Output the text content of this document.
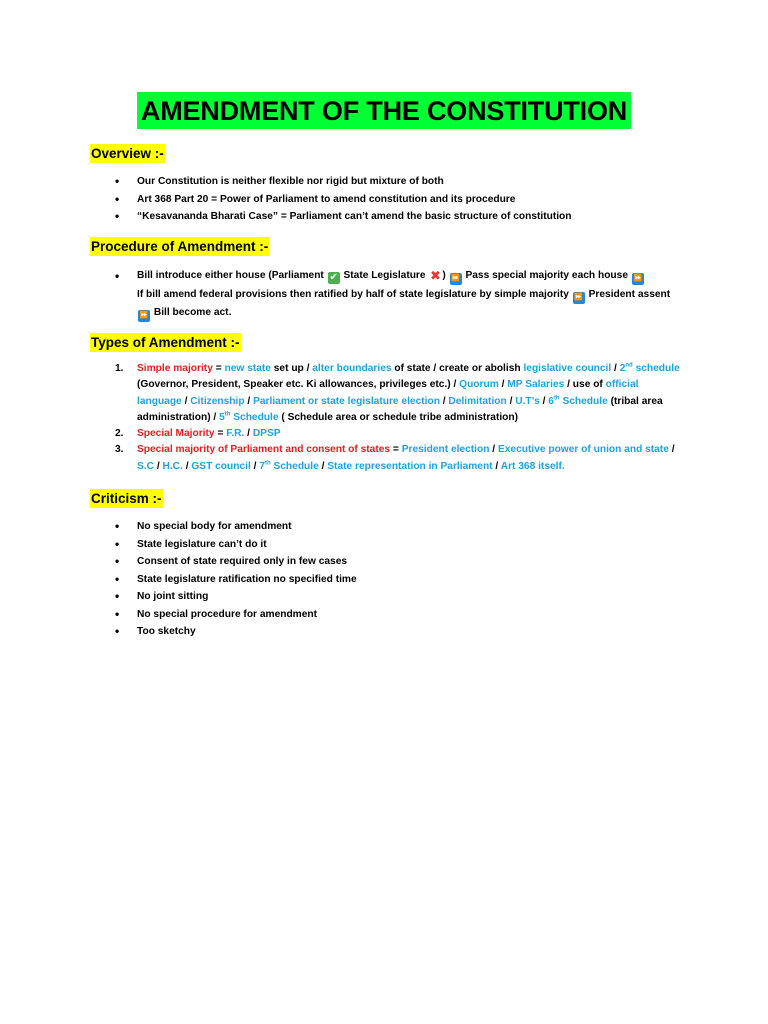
AMENDMENT OF THE CONSTITUTION
Overview :-
• Our Constitution is neither flexible nor rigid but mixture of both
• Art 368 Part 20 = Power of Parliament to amend constitution and its procedure
• “Kesavananda Bharati Case” = Parliament can’t amend the basic structure of constitution
Procedure of Amendment :-
• Bill introduce either house (Parliament ✔ State Legislature ✖ ) ⏩ Pass special majority each house ⏩
If bill amend federal provisions then ratified by half of state legislature by simple majority ⏩ President assent ⏩ Bill become act.
Types of Amendment :-
1. Simple majority = new state set up / alter boundaries of state / create or abolish legislative council / 2nd schedule (Governor, President, Speaker etc. Ki allowances, privileges etc.) / Quorum / MP Salaries / use of official language / Citizenship / Parliament or state legislature election / Delimitation / U.T’s / 6th Schedule (tribal area administration) / 5th Schedule ( Schedule area or schedule tribe administration)
2. Special Majority = F.R. / DPSP
3. Special majority of Parliament and consent of states = President election / Executive power of union and state / S.C / H.C. / GST council / 7th Schedule / State representation in Parliament / Art 368 itself.
Criticism :-
• No special body for amendment
• State legislature can’t do it
• Consent of state required only in few cases
• State legislature ratification no specified time
• No joint sitting
• No special procedure for amendment
• Too sketchy
